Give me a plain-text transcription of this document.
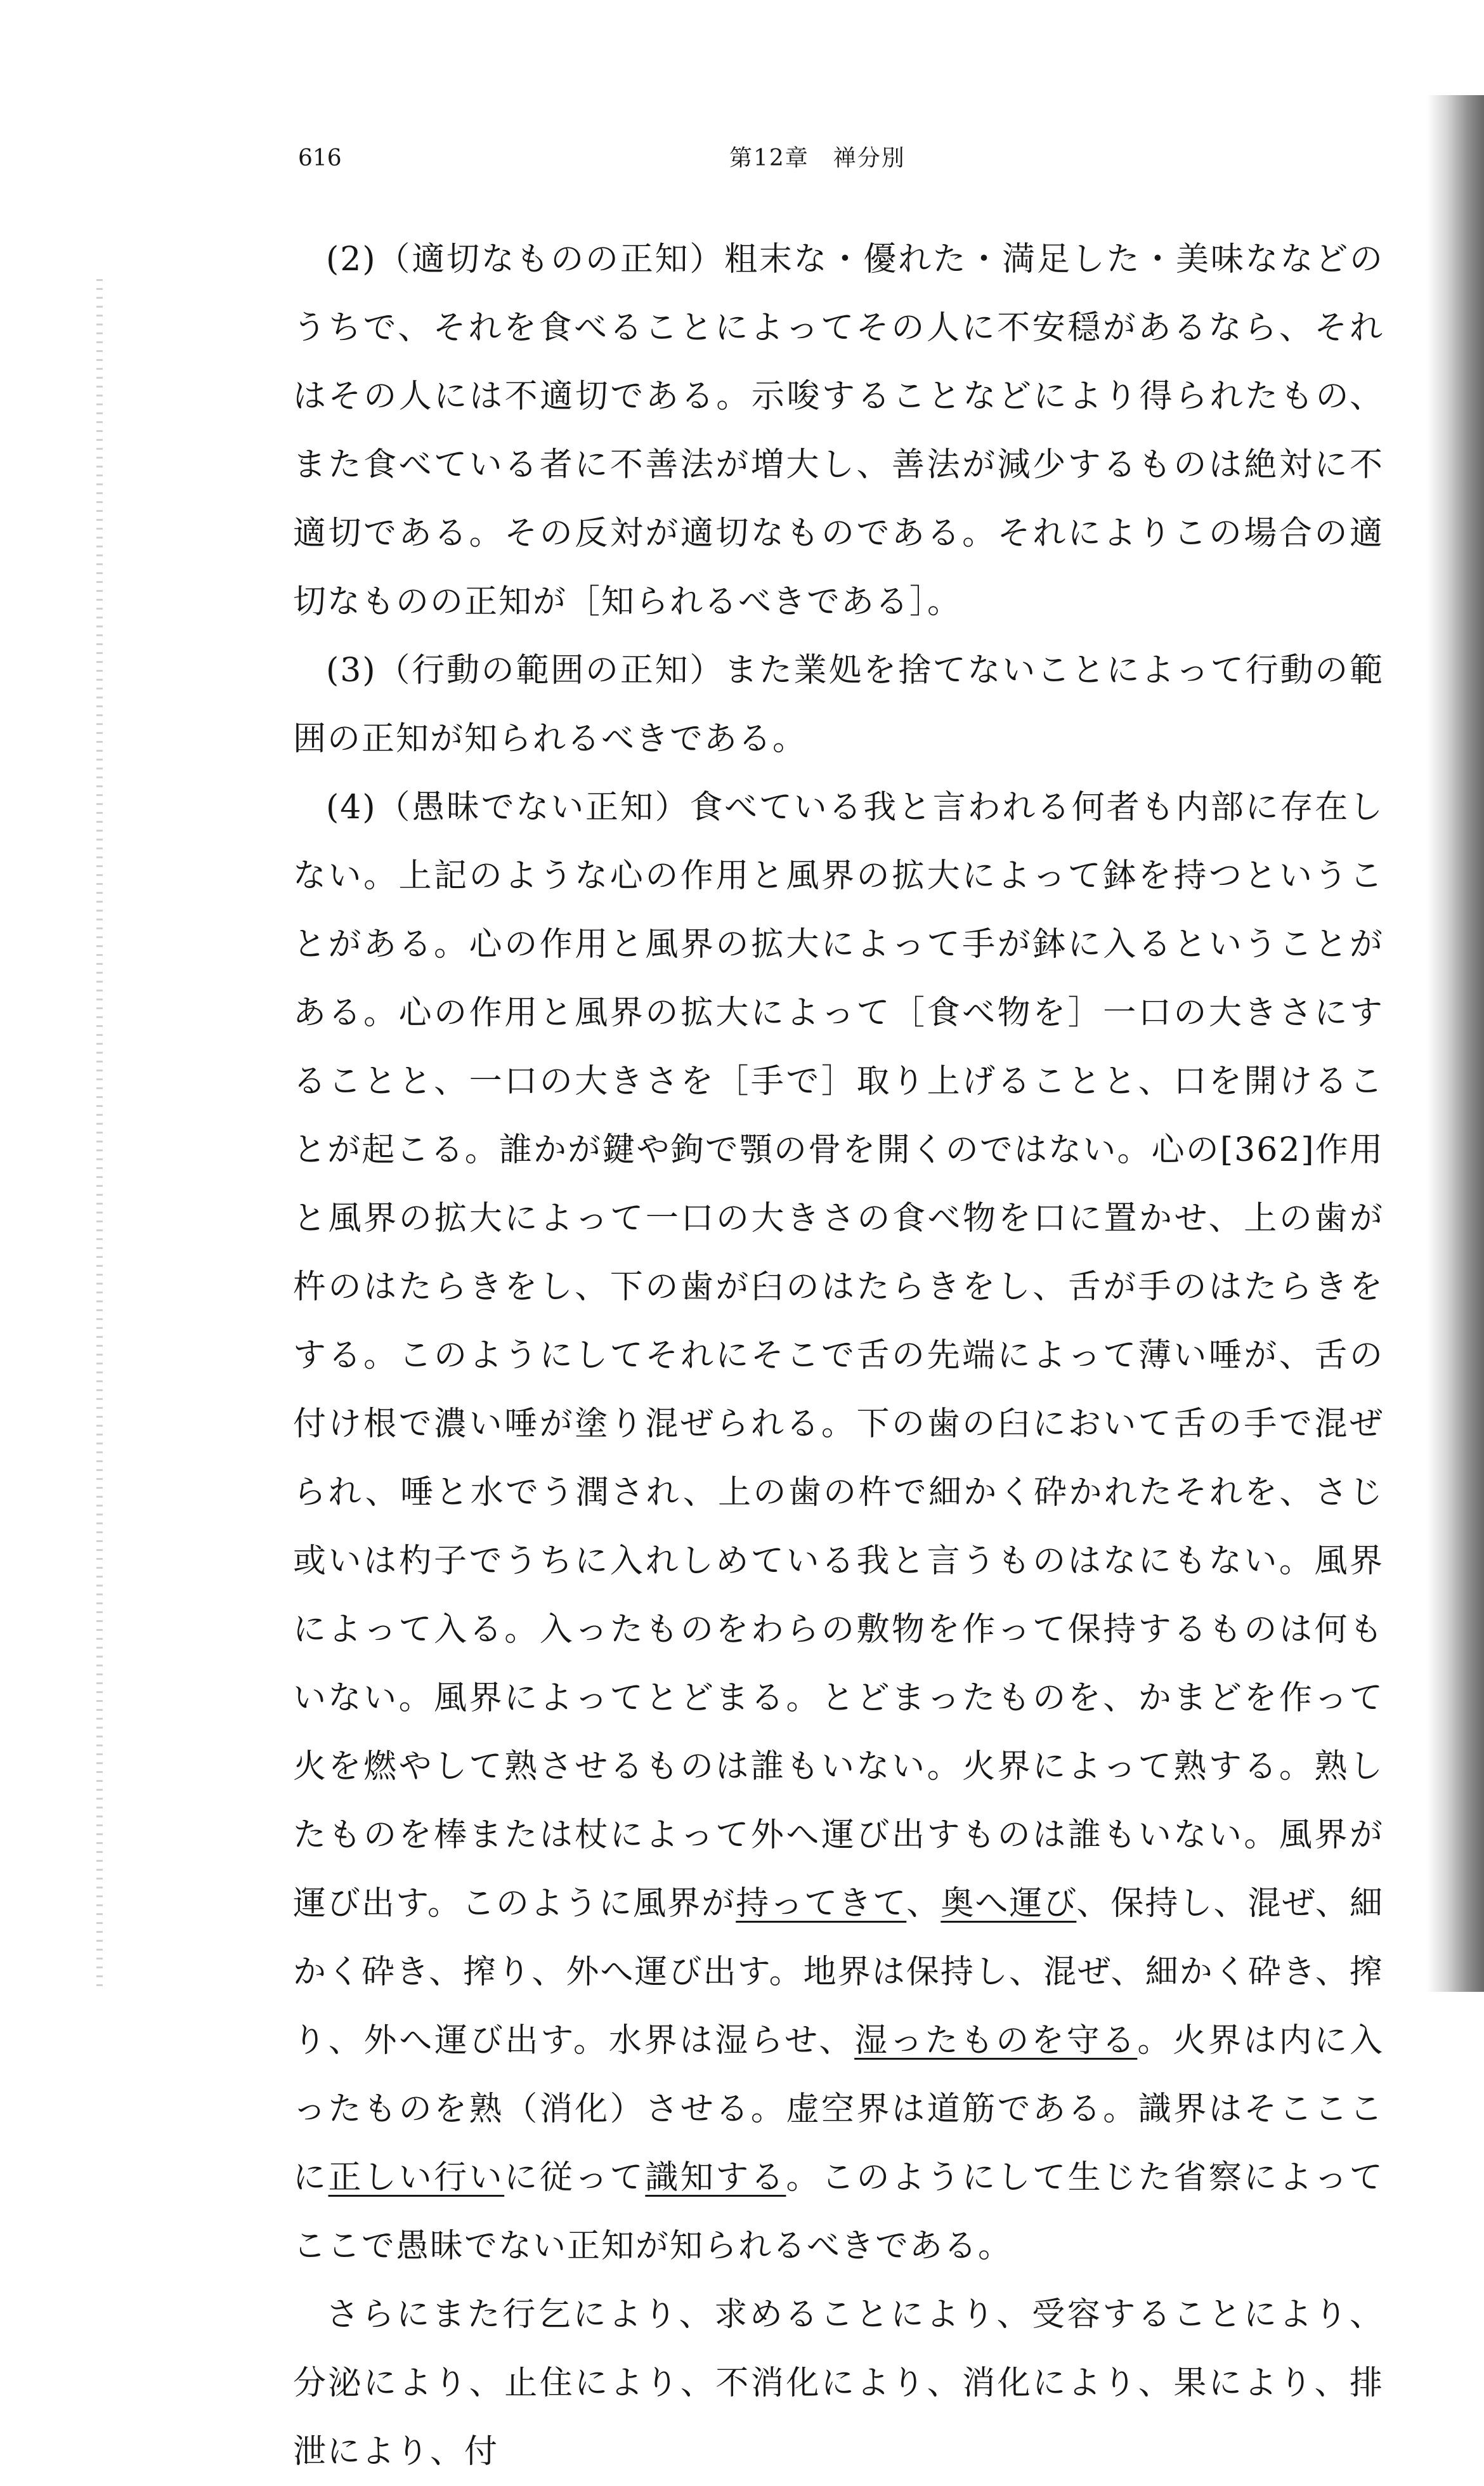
616	第12章　禅分別

(2)（適切なものの正知）粗末な・優れた・満足した・美味ななどのうちで、それを食べることによってその人に不安穏があるなら、それはその人には不適切である。示唆することなどにより得られたもの、また食べている者に不善法が増大し、善法が減少するものは絶対に不適切である。その反対が適切なものである。それによりこの場合の適切なものの正知が［知られるべきである］。

(3)（行動の範囲の正知）また業処を捨てないことによって行動の範囲の正知が知られるべきである。

(4)（愚昧でない正知）食べている我と言われる何者も内部に存在しない。上記のような心の作用と風界の拡大によって鉢を持つということがある。心の作用と風界の拡大によって手が鉢に入るということがある。心の作用と風界の拡大によって［食べ物を］一口の大きさにすることと、一口の大きさを［手で］取り上げることと、口を開けることが起こる。誰かが鍵や鉤で顎の骨を開くのではない。心の[362]作用と風界の拡大によって一口の大きさの食べ物を口に置かせ、上の歯が杵のはたらきをし、下の歯が臼のはたらきをし、舌が手のはたらきをする。このようにしてそれにそこで舌の先端によって薄い唾が、舌の付け根で濃い唾が塗り混ぜられる。下の歯の臼において舌の手で混ぜられ、唾と水でう潤され、上の歯の杵で細かく砕かれたそれを、さじ或いは杓子でうちに入れしめている我と言うものはなにもない。風界によって入る。入ったものをわらの敷物を作って保持するものは何もいない。風界によってとどまる。とどまったものを、かまどを作って火を燃やして熟させるものは誰もいない。火界によって熟する。熟したものを棒または杖によって外へ運び出すものは誰もいない。風界が運び出す。このように風界が持ってきて、奥へ運び、保持し、混ぜ、細かく砕き、搾り、外へ運び出す。地界は保持し、混ぜ、細かく砕き、搾り、外へ運び出す。水界は湿らせ、湿ったものを守る。火界は内に入ったものを熟（消化）させる。虚空界は道筋である。識界はそこここに正しい行いに従って識知する。このようにして生じた省察によってここで愚昧でない正知が知られるべきである。

さらにまた行乞により、求めることにより、受容することにより、分泌により、止住により、不消化により、消化により、果により、排泄により、付
